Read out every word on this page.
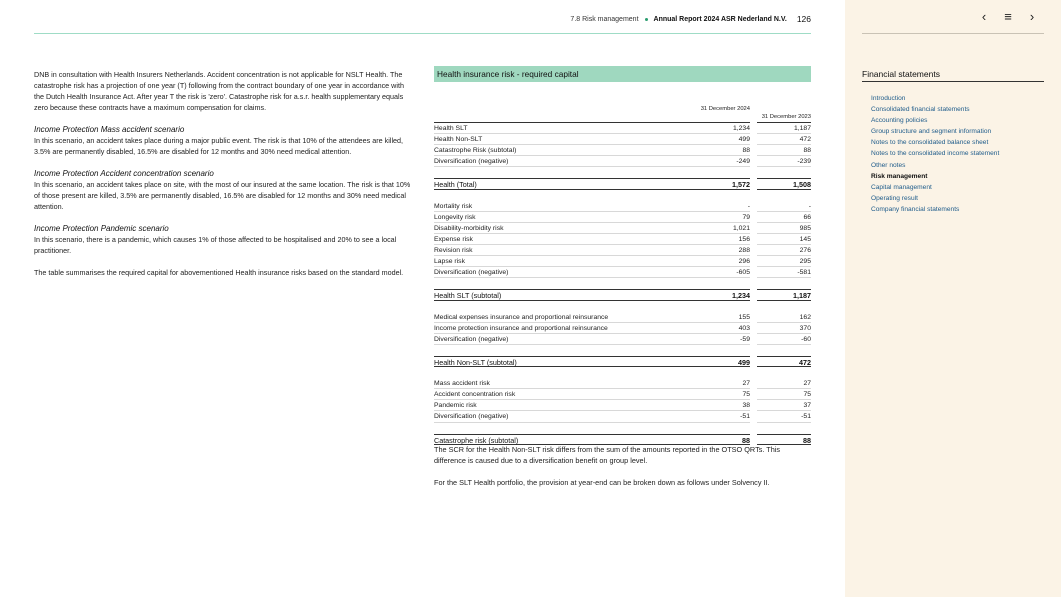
7.8 Risk management Annual Report 2024 ASR Nederland N.V. 126

DNB in consultation with Health Insurers Netherlands. Accident concentration is not applicable for NSLT Health. The catastrophe risk has a projection of one year (T) following from the contract boundary of one year in accordance with the Dutch Health Insurance Act. After year T the risk is 'zero'. Catastrophe risk for a.s.r. health supplementary equals zero because these contracts have a maximum compensation for claims.

Income Protection Mass accident scenario

In this scenario, an accident takes place during a major public event. The risk is that 10% of the attendees are killed, 3.5% are permanently disabled, 16.5% are disabled for 12 months and 30% need medical attention.

Income Protection Accident concentration scenario

In this scenario, an accident takes place on site, with the most of our insured at the same location. The risk is that 10% of those present are killed, 3.5% are permanently disabled, 16.5% are disabled for 12 months and 30% need medical attention.

Income Protection Pandemic scenario

In this scenario, there is a pandemic, which causes 1% of those affected to be hospitalised and 20% to see a local practitioner.

The table summarises the required capital for abovementioned Health insurance risks based on the standard model.

Health insurance risk - required capital
31 December 2024
31 December 2023
Health SLT	1,234	1,187
Health Non-SLT	499	472
Catastrophe Risk (subtotal)	88	88
Diversification (negative)	-249	-239
Health (Total)	1,572	1,508
Mortality risk	-	-
Longevity risk	79	66
Disability-morbidity risk	1,021	985
Expense risk	156	145
Revision risk	288	276
Lapse risk	296	295
Diversification (negative)	-605	-581
Health SLT (subtotal)	1,234	1,187
Medical expenses insurance and proportional reinsurance	155	162
Income protection insurance and proportional reinsurance	403	370
Diversification (negative)	-59	-60
Health Non-SLT (subtotal)	499	472
Mass accident risk	27	27
Accident concentration risk	75	75
Pandemic risk	38	37
Diversification (negative)	-51	-51
Catastrophe risk (subtotal)	88	88

The SCR for the Health Non-SLT risk differs from the sum of the amounts reported in the OTSO QRTs. This difference is caused due to a diversification benefit on group level.

For the SLT Health portfolio, the provision at year-end can be broken down as follows under Solvency II.

‹	≡	›
Financial statements
Introduction
Consolidated financial statements
Accounting policies
Group structure and segment information
Notes to the consolidated balance sheet
Notes to the consolidated income statement
Other notes
Risk management
Capital management
Operating result
Company financial statements
